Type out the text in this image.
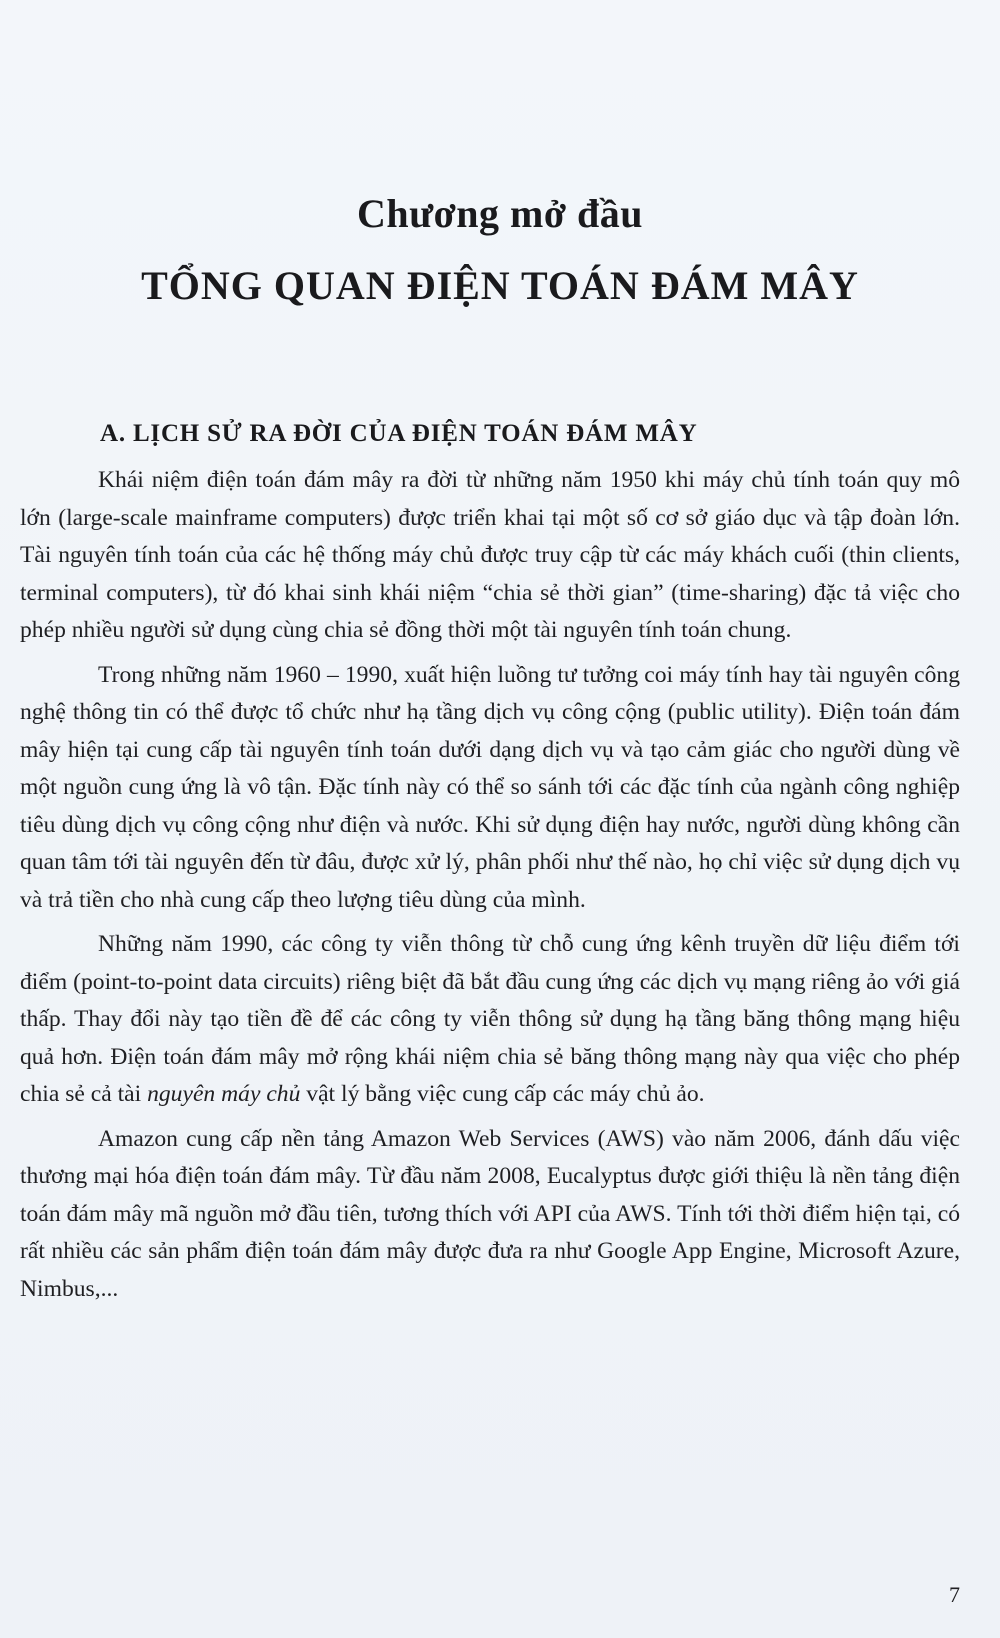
Chương mở đầu
TỔNG QUAN ĐIỆN TOÁN ĐÁM MÂY
A. LỊCH SỬ RA ĐỜI CỦA ĐIỆN TOÁN ĐÁM MÂY

Khái niệm điện toán đám mây ra đời từ những năm 1950 khi máy chủ tính toán quy mô lớn (large-scale mainframe computers) được triển khai tại một số cơ sở giáo dục và tập đoàn lớn. Tài nguyên tính toán của các hệ thống máy chủ được truy cập từ các máy khách cuối (thin clients, terminal computers), từ đó khai sinh khái niệm “chia sẻ thời gian” (time-sharing) đặc tả việc cho phép nhiều người sử dụng cùng chia sẻ đồng thời một tài nguyên tính toán chung.

Trong những năm 1960 – 1990, xuất hiện luồng tư tưởng coi máy tính hay tài nguyên công nghệ thông tin có thể được tổ chức như hạ tầng dịch vụ công cộng (public utility). Điện toán đám mây hiện tại cung cấp tài nguyên tính toán dưới dạng dịch vụ và tạo cảm giác cho người dùng về một nguồn cung ứng là vô tận. Đặc tính này có thể so sánh tới các đặc tính của ngành công nghiệp tiêu dùng dịch vụ công cộng như điện và nước. Khi sử dụng điện hay nước, người dùng không cần quan tâm tới tài nguyên đến từ đâu, được xử lý, phân phối như thế nào, họ chỉ việc sử dụng dịch vụ và trả tiền cho nhà cung cấp theo lượng tiêu dùng của mình.

Những năm 1990, các công ty viễn thông từ chỗ cung ứng kênh truyền dữ liệu điểm tới điểm (point-to-point data circuits) riêng biệt đã bắt đầu cung ứng các dịch vụ mạng riêng ảo với giá thấp. Thay đổi này tạo tiền đề để các công ty viễn thông sử dụng hạ tầng băng thông mạng hiệu quả hơn. Điện toán đám mây mở rộng khái niệm chia sẻ băng thông mạng này qua việc cho phép chia sẻ cả tài nguyên máy chủ vật lý bằng việc cung cấp các máy chủ ảo.

Amazon cung cấp nền tảng Amazon Web Services (AWS) vào năm 2006, đánh dấu việc thương mại hóa điện toán đám mây. Từ đầu năm 2008, Eucalyptus được giới thiệu là nền tảng điện toán đám mây mã nguồn mở đầu tiên, tương thích với API của AWS. Tính tới thời điểm hiện tại, có rất nhiều các sản phẩm điện toán đám mây được đưa ra như Google App Engine, Microsoft Azure, Nimbus,...

7
